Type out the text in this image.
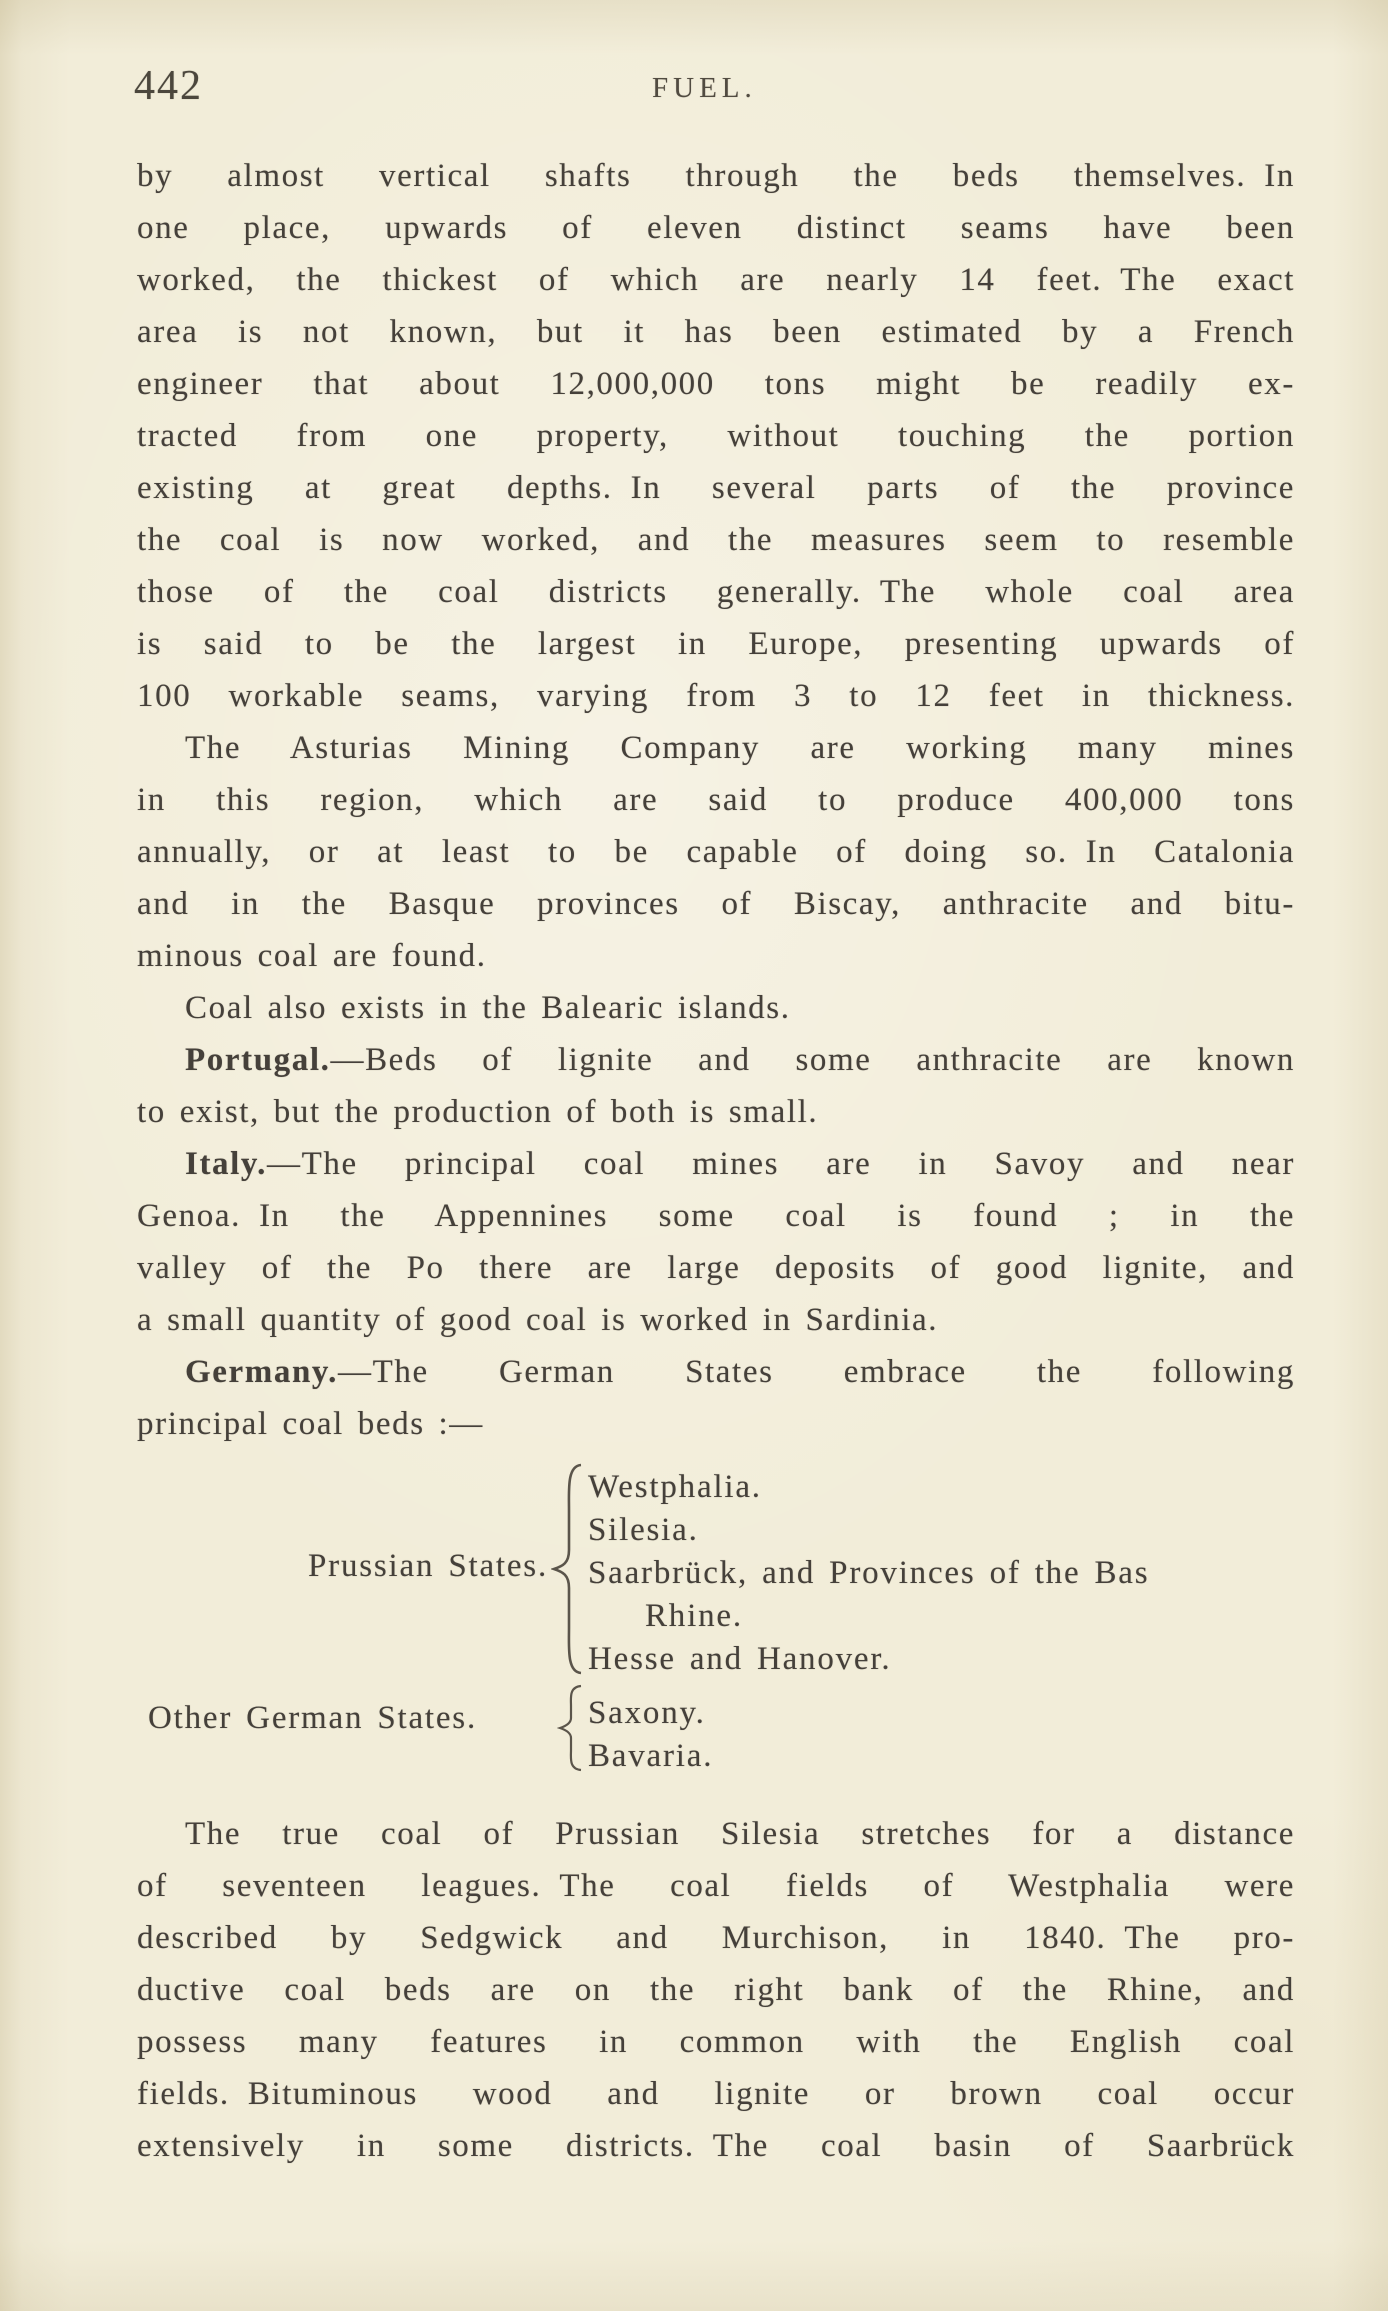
442	FUEL.
by almost vertical shafts through the beds themselves. In
one place, upwards of eleven distinct seams have been
worked, the thickest of which are nearly 14 feet. The exact
area is not known, but it has been estimated by a French
engineer that about 12,000,000 tons might be readily ex-
tracted from one property, without touching the portion
existing at great depths. In several parts of the province
the coal is now worked, and the measures seem to resemble
those of the coal districts generally. The whole coal area
is said to be the largest in Europe, presenting upwards of
100 workable seams, varying from 3 to 12 feet in thickness.
The Asturias Mining Company are working many mines
in this region, which are said to produce 400,000 tons
annually, or at least to be capable of doing so. In Catalonia
and in the Basque provinces of Biscay, anthracite and bitu-
minous coal are found.
Coal also exists in the Balearic islands.
Portugal.—Beds of lignite and some anthracite are known
to exist, but the production of both is small.
Italy.—The principal coal mines are in Savoy and near
Genoa. In the Appennines some coal is found ; in the
valley of the Po there are large deposits of good lignite, and
a small quantity of good coal is worked in Sardinia.
Germany.—The German States embrace the following
principal coal beds :—
Prussian States.
Westphalia.
Silesia.
Saarbrück, and Provinces of the Bas
Rhine.
Hesse and Hanover.
Other German States.	Saxony.
Bavaria.
The true coal of Prussian Silesia stretches for a distance
of seventeen leagues. The coal fields of Westphalia were
described by Sedgwick and Murchison, in 1840. The pro-
ductive coal beds are on the right bank of the Rhine, and
possess many features in common with the English coal
fields. Bituminous wood and lignite or brown coal occur
extensively in some districts. The coal basin of Saarbrück
